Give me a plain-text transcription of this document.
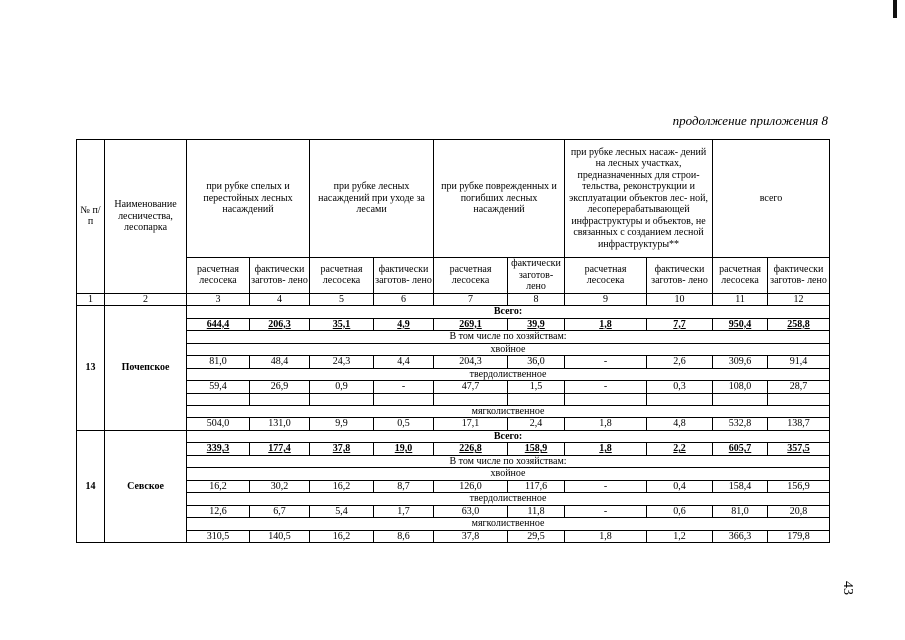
продолжение приложения 8
43
№ п/п	Наименование лесничества, лесопарка	при рубке спелых и перестойных лесных насаждений		при рубке лесных насаждений при уходе за лесами		при рубке поврежденных и погибших лесных насаждений		при рубке лесных насаж- дений на лесных участках, предназначенных для строи- тельства, реконструкции и эксплуатации объектов лес- ной, лесоперерабатывающей инфраструктуры и объектов, не связанных с созданием лесной инфраструктуры**		всего	
		расчетная лесосека	фактически заготов- лено	расчетная лесосека	фактически заготов- лено	расчетная лесосека	фактически заготов- лено	расчетная лесосека	фактически заготов- лено	расчетная лесосека	фактически заготов- лено
1	2	3	4	5	6	7	8	9	10	11	12
13	Почепское	Всего:									
		644,4	206,3	35,1	4,9	269,1	39,9	1,8	7,7	950,4	258,8
		В том числе по хозяйствам:									
		хвойное									
		81,0	48,4	24,3	4,4	204,3	36,0	-	2,6	309,6	91,4
		твердолиственное									
		59,4	26,9	0,9	-	47,7	1,5	-	0,3	108,0	28,7

		мягколиственное									
		504,0	131,0	9,9	0,5	17,1	2,4	1,8	4,8	532,8	138,7
14	Севское	Всего:									
		339,3	177,4	37,8	19,0	226,8	158,9	1,8	2,2	605,7	357,5
		В том числе по хозяйствам:									
		хвойное									
		16,2	30,2	16,2	8,7	126,0	117,6	-	0,4	158,4	156,9
		твердолиственное									
		12,6	6,7	5,4	1,7	63,0	11,8	-	0,6	81,0	20,8
		мягколиственное									
		310,5	140,5	16,2	8,6	37,8	29,5	1,8	1,2	366,3	179,8
